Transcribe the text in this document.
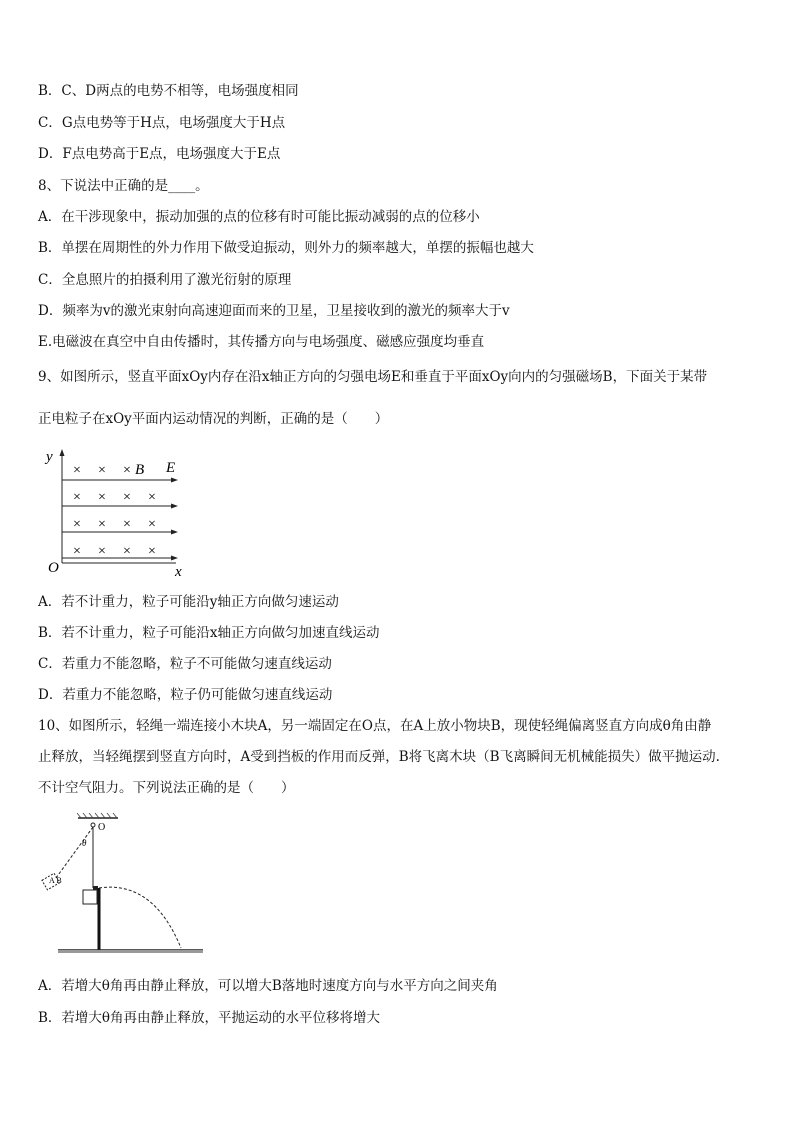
B．C、D两点的电势不相等，电场强度相同
C．G点电势等于H点，电场强度大于H点
D．F点电势高于E点，电场强度大于E点
8、下说法中正确的是____。
A．在干涉现象中，振动加强的点的位移有时可能比振动减弱的点的位移小
B．单摆在周期性的外力作用下做受迫振动，则外力的频率越大，单摆的振幅也越大
C．全息照片的拍摄利用了激光衍射的原理
D．频率为v的激光束射向高速迎面而来的卫星，卫星接收到的激光的频率大于v
E.电磁波在真空中自由传播时，其传播方向与电场强度、磁感应强度均垂直
9、如图所示，竖直平面xOy内存在沿x轴正方向的匀强电场E和垂直于平面xOy向内的匀强磁场B，下面关于某带
正电粒子在xOy平面内运动情况的判断，正确的是（　　）
× × × B E
× × × ×
× × × ×
× × × ×
y
O	x
A．若不计重力，粒子可能沿y轴正方向做匀速运动
B．若不计重力，粒子可能沿x轴正方向做匀加速直线运动
C．若重力不能忽略，粒子不可能做匀速直线运动
D．若重力不能忽略，粒子仍可能做匀速直线运动
10、如图所示，轻绳一端连接小木块A，另一端固定在O点，在A上放小物块B，现使轻绳偏离竖直方向成θ角由静
止释放，当轻绳摆到竖直方向时，A受到挡板的作用而反弹，B将飞离木块（B飞离瞬间无机械能损失）做平抛运动.
不计空气阻力。下列说法正确的是（　　）
O
θ
A B
A．若增大θ角再由静止释放，可以增大B落地时速度方向与水平方向之间夹角
B．若增大θ角再由静止释放，平抛运动的水平位移将增大
